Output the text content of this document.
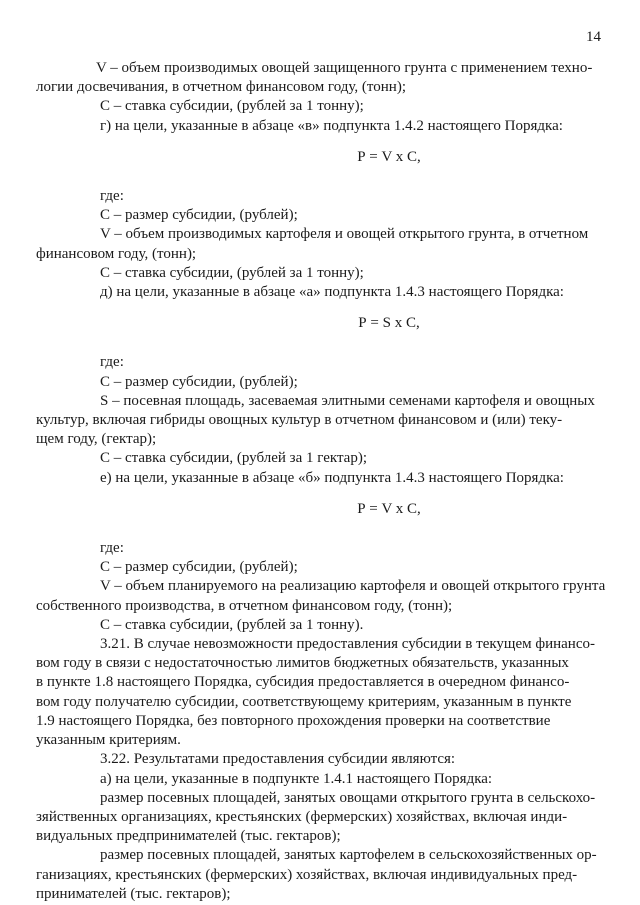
14

V – объем производимых овощей защищенного грунта с применением техно-
логии досвечивания, в отчетном финансовом году, (тонн);

С – ставка субсидии, (рублей за 1 тонну);

г) на цели, указанные в абзаце «в» подпункта 1.4.2 настоящего Порядка:

Р = V х С,

где:

С – размер субсидии, (рублей);

V – объем производимых картофеля и овощей открытого грунта, в отчетном
финансовом году, (тонн);

С – ставка субсидии, (рублей за 1 тонну);

д) на цели, указанные в абзаце «а» подпункта 1.4.3 настоящего Порядка:

Р = S х С,

где:

С – размер субсидии, (рублей);

S – посевная площадь, засеваемая элитными семенами картофеля и овощных
культур, включая гибриды овощных культур в отчетном финансовом и (или) теку-
щем году, (гектар);

С – ставка субсидии, (рублей за 1 гектар);

е) на цели, указанные в абзаце «б» подпункта 1.4.3 настоящего Порядка:

Р = V х С,

где:

С – размер субсидии, (рублей);

V – объем планируемого на реализацию картофеля и овощей открытого грунта
собственного производства, в отчетном финансовом году, (тонн);

С – ставка субсидии, (рублей за 1 тонну).

3.21. В случае невозможности предоставления субсидии в текущем финансо-
вом году в связи с недостаточностью лимитов бюджетных обязательств, указанных
в пункте 1.8 настоящего Порядка, субсидия предоставляется в очередном финансо-
вом году получателю субсидии, соответствующему критериям, указанным в пункте
1.9 настоящего Порядка, без повторного прохождения проверки на соответствие
указанным критериям.

3.22. Результатами предоставления субсидии являются:

а) на цели, указанные в подпункте 1.4.1 настоящего Порядка:

размер посевных площадей, занятых овощами открытого грунта в сельскохо-
зяйственных организациях, крестьянских (фермерских) хозяйствах, включая инди-
видуальных предпринимателей (тыс. гектаров);

размер посевных площадей, занятых картофелем в сельскохозяйственных ор-
ганизациях, крестьянских (фермерских) хозяйствах, включая индивидуальных пред-
принимателей (тыс. гектаров);
